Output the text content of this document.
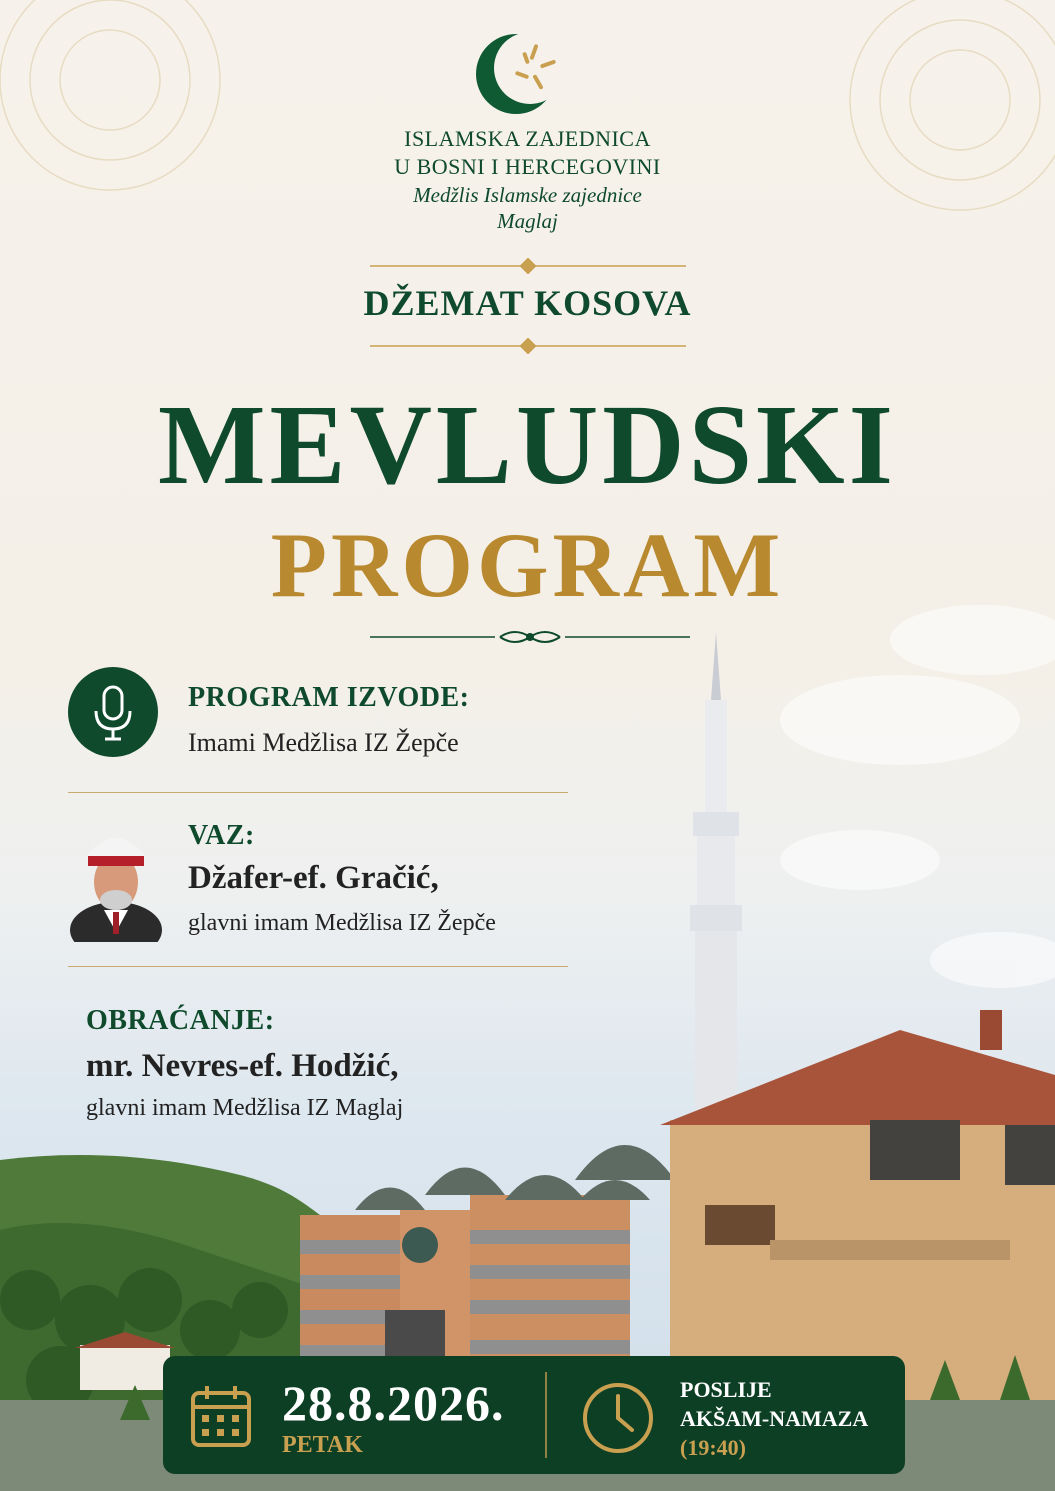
ISLAMSKA ZAJEDNICA
U BOSNI I HERCEGOVINI
Medžlis Islamske zajednice
Maglaj
DŽEMAT KOSOVA
MEVLUDSKI
PROGRAM
PROGRAM IZVODE:
Imami Medžlisa IZ Žepče
VAZ:
Džafer-ef. Gračić,
glavni imam Medžlisa IZ Žepče
OBRAĆANJE:
mr. Nevres-ef. Hodžić,
glavni imam Medžlisa IZ Maglaj
28.8.2026.
PETAK
POSLIJE
AKŠAM-NAMAZA
(19:40)
